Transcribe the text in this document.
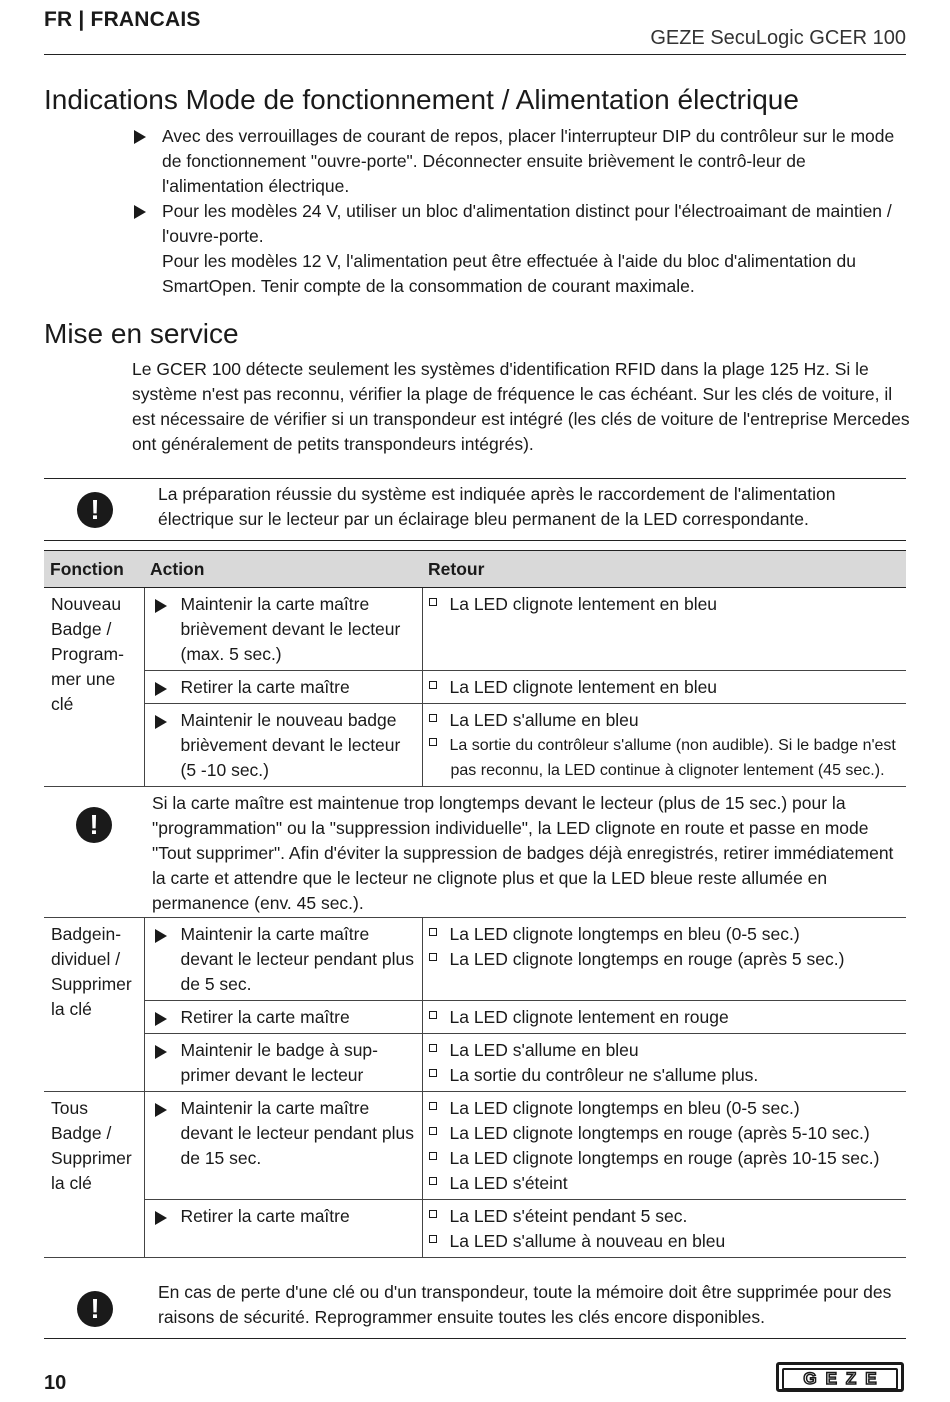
FR | FRANCAIS
GEZE SecuLogic GCER 100
Indications Mode de fonctionnement / Alimentation électrique
Avec des verrouillages de courant de repos, placer l'interrupteur DIP du contrôleur sur le mode de fonctionnement "ouvre-porte". Déconnecter ensuite brièvement le contrô-leur de l'alimentation électrique.
Pour les modèles 24 V, utiliser un bloc d'alimentation distinct pour l'électroaimant de maintien / l'ouvre-porte.
Pour les modèles 12 V, l'alimentation peut être effectuée à l'aide du bloc d'alimentation du SmartOpen. Tenir compte de la consommation de courant maximale.
Mise en service

Le GCER 100 détecte seulement les systèmes d'identification RFID dans la plage 125 Hz. Si le système n'est pas reconnu, vérifier la plage de fréquence le cas échéant. Sur les clés de voiture, il est nécessaire de vérifier si un transpondeur est intégré (les clés de voiture de l'entreprise Mercedes ont généralement de petits transpondeurs intégrés).

!	La préparation réussie du système est indiquée après le raccordement de l'alimentation électrique sur le lecteur par un éclairage bleu permanent de la LED correspondante.
Fonction	Action	Retour
Nouveau Badge / Program-mer une clé	Maintenir la carte maître brièvement devant le lecteur (max. 5 sec.)	La LED clignote lentement en bleu

Retirer la carte maître	La LED clignote lentement en bleu

Maintenir le nouveau badge brièvement devant le lecteur (5 -10 sec.)	La LED s'allume en bleu
La sortie du contrôleur s'allume (non audible). Si le badge n'est pas reconnu, la LED continue à clignoter lentement (45 sec.).

!
Si la carte maître est maintenue trop longtemps devant le lecteur (plus de 15 sec.) pour la "programmation" ou la "suppression individuelle", la LED clignote en route et passe en mode "Tout supprimer". Afin d'éviter la suppression de badges déjà enregistrés, retirer immédiatement la carte et attendre que le lecteur ne clignote plus et que la LED bleue reste allumée en permanence (env. 45 sec.).		

Badgein-dividuel / Supprimer la clé	Maintenir la carte maître devant le lecteur pendant plus de 5 sec.	La LED clignote longtemps en bleu (0-5 sec.)
La LED clignote longtemps en rouge (après 5 sec.)

Retirer la carte maître	La LED clignote lentement en rouge

Maintenir le badge à sup-primer devant le lecteur	La LED s'allume en bleu
La sortie du contrôleur ne s'allume plus.

Tous Badge / Supprimer la clé	Maintenir la carte maître devant le lecteur pendant plus de 15 sec.	La LED clignote longtemps en bleu (0-5 sec.)
La LED clignote longtemps en rouge (après 5-10 sec.)
La LED clignote longtemps en rouge (après 10-15 sec.)
La LED s'éteint

Retirer la carte maître	La LED s'éteint pendant 5 sec.
La LED s'allume à nouveau en bleu
!
En cas de perte d'une clé ou d'un transpondeur, toute la mémoire doit être supprimée pour des raisons de sécurité. Reprogrammer ensuite toutes les clés encore disponibles.
10	GEZE
